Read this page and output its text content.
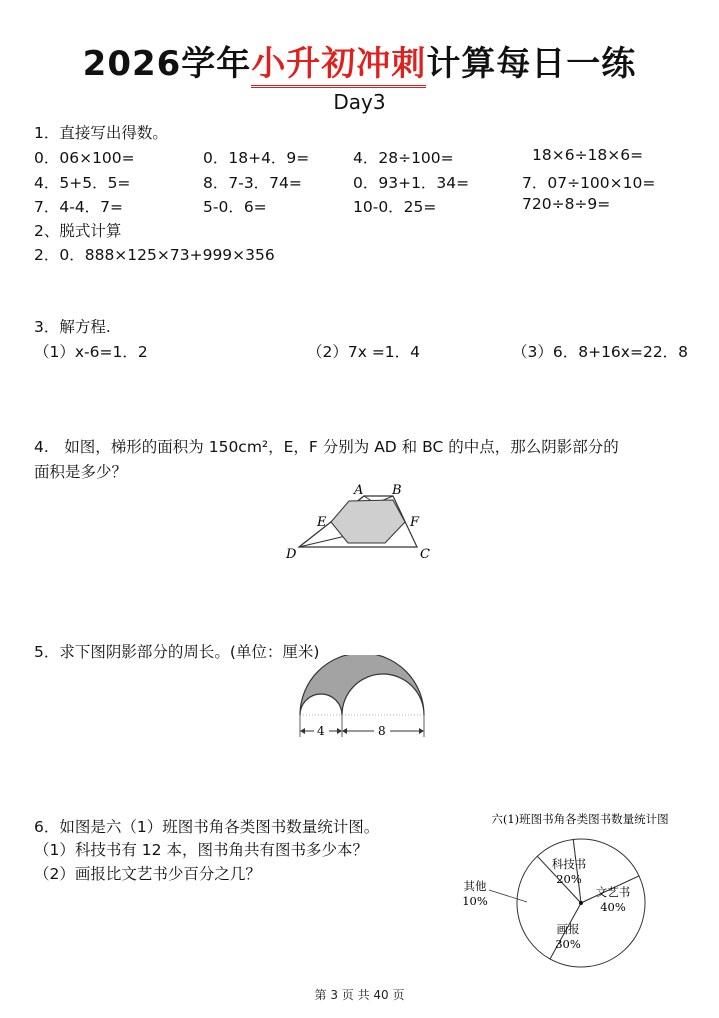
2026学年小升初冲刺计算每日一练
Day3
1．直接写出得数。
0．06×100=	0．18+4．9=	4．28÷100=	18×6÷18×6=
4．5+5．5=	8．7-3．74=	0．93+1．34=	7．07÷100×10=
7．4-4．7=	5-0．6=	10-0．25=	720÷8÷9=
2、脱式计算
2．0．888×125×73+999×356
3．解方程.
（1）x-6=1．2	（2）7x =1．4	（3）6．8+16x=22．8
4.　如图，梯形的面积为 150cm²，E，F 分别为 AD 和 BC 的中点，那么阴影部分的
面积是多少？
A B
C
D
E	F
5．求下图阴影部分的周长。(单位：厘米)
4	8
6．如图是六（1）班图书角各类图书数量统计图。
（1）科技书有 12 本，图书角共有图书多少本？
（2）画报比文艺书少百分之几？
六(1)班图书角各类图书数量统计图
科技书
20%
文艺书
40%
画报
30%
其他
10%
第 3 页 共 40 页
